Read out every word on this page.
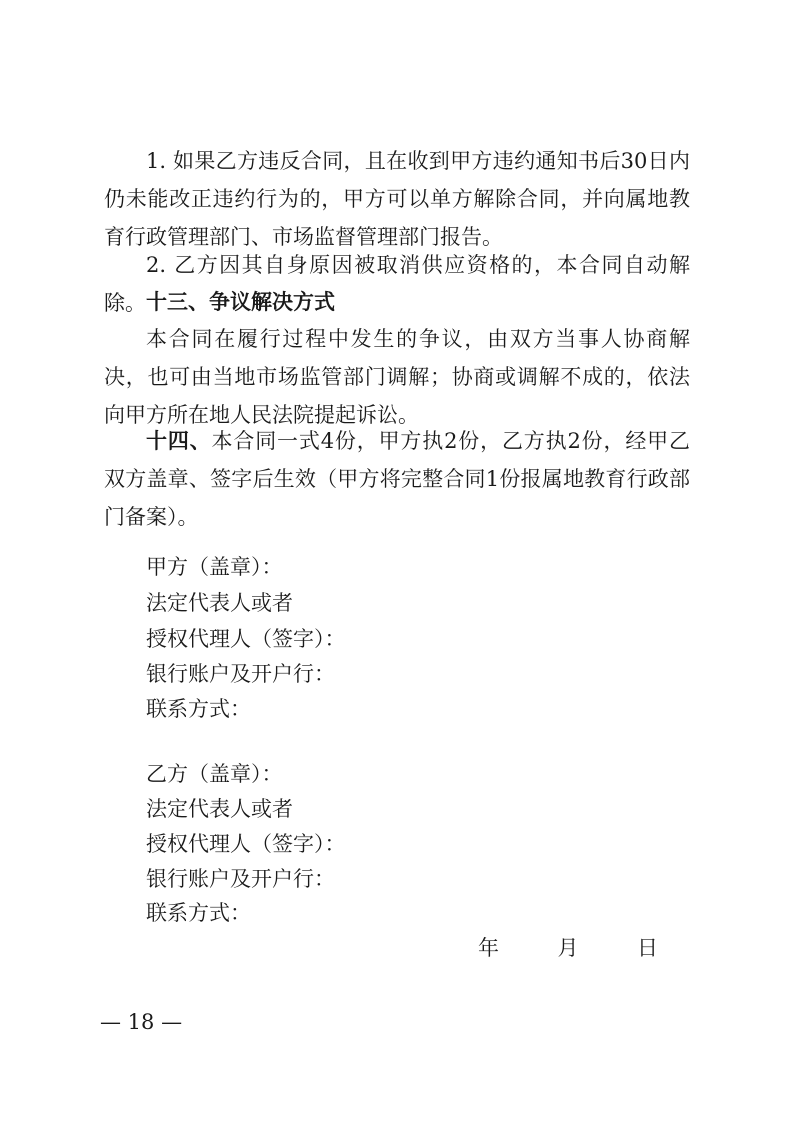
1. 如果乙方违反合同，且在收到甲方违约通知书后30日内仍未能改正违约行为的，甲方可以单方解除合同，并向属地教育行政管理部门、市场监督管理部门报告。

2. 乙方因其自身原因被取消供应资格的，本合同自动解除。 十三、争议解决方式

本合同在履行过程中发生的争议，由双方当事人协商解决，也可由当地市场监管部门调解；协商或调解不成的，依法向甲方所在地人民法院提起诉讼。

十四、本合同一式4份，甲方执2份，乙方执2份，经甲乙双方盖章、签字后生效（甲方将完整合同1份报属地教育行政部门备案）。

甲方（盖章）：

法定代表人或者

授权代理人（签字）：

银行账户及开户行：

联系方式：

乙方（盖章）：

法定代表人或者

授权代理人（签字）：

银行账户及开户行：

联系方式：

年	月	日
— 18 —
